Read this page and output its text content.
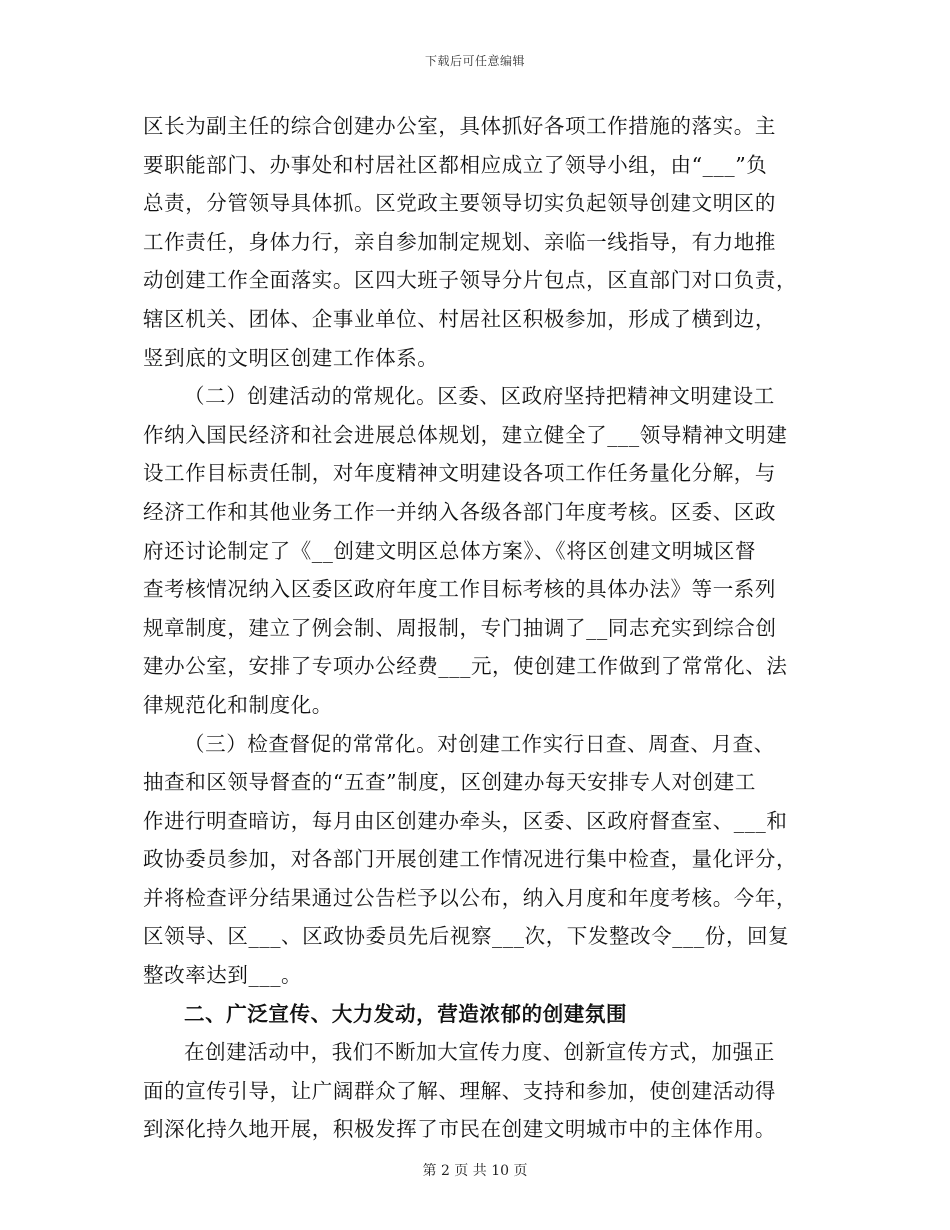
下载后可任意编辑
区长为副主任的综合创建办公室，具体抓好各项工作措施的落实。主
要职能部门、办事处和村居社区都相应成立了领导小组，由“___”负
总责，分管领导具体抓。区党政主要领导切实负起领导创建文明区的
工作责任，身体力行，亲自参加制定规划、亲临一线指导，有力地推
动创建工作全面落实。区四大班子领导分片包点，区直部门对口负责，
辖区机关、团体、企事业单位、村居社区积极参加，形成了横到边，
竖到底的文明区创建工作体系。
（二）创建活动的常规化。区委、区政府坚持把精神文明建设工
作纳入国民经济和社会进展总体规划，建立健全了___领导精神文明建
设工作目标责任制，对年度精神文明建设各项工作任务量化分解，与
经济工作和其他业务工作一并纳入各级各部门年度考核。区委、区政
府还讨论制定了《__创建文明区总体方案》、《将区创建文明城区督
查考核情况纳入区委区政府年度工作目标考核的具体办法》等一系列
规章制度，建立了例会制、周报制，专门抽调了__同志充实到综合创
建办公室，安排了专项办公经费___元，使创建工作做到了常常化、法
律规范化和制度化。
（三）检查督促的常常化。对创建工作实行日查、周查、月查、
抽查和区领导督查的“五查”制度，区创建办每天安排专人对创建工
作进行明查暗访，每月由区创建办牵头，区委、区政府督查室、___和
政协委员参加，对各部门开展创建工作情况进行集中检查，量化评分，
并将检查评分结果通过公告栏予以公布，纳入月度和年度考核。今年，
区领导、区___、区政协委员先后视察___次，下发整改令___份，回复
整改率达到___。
二、广泛宣传、大力发动，营造浓郁的创建氛围
在创建活动中，我们不断加大宣传力度、创新宣传方式，加强正
面的宣传引导，让广阔群众了解、理解、支持和参加，使创建活动得
到深化持久地开展，积极发挥了市民在创建文明城市中的主体作用。
第 2 页 共 10 页
